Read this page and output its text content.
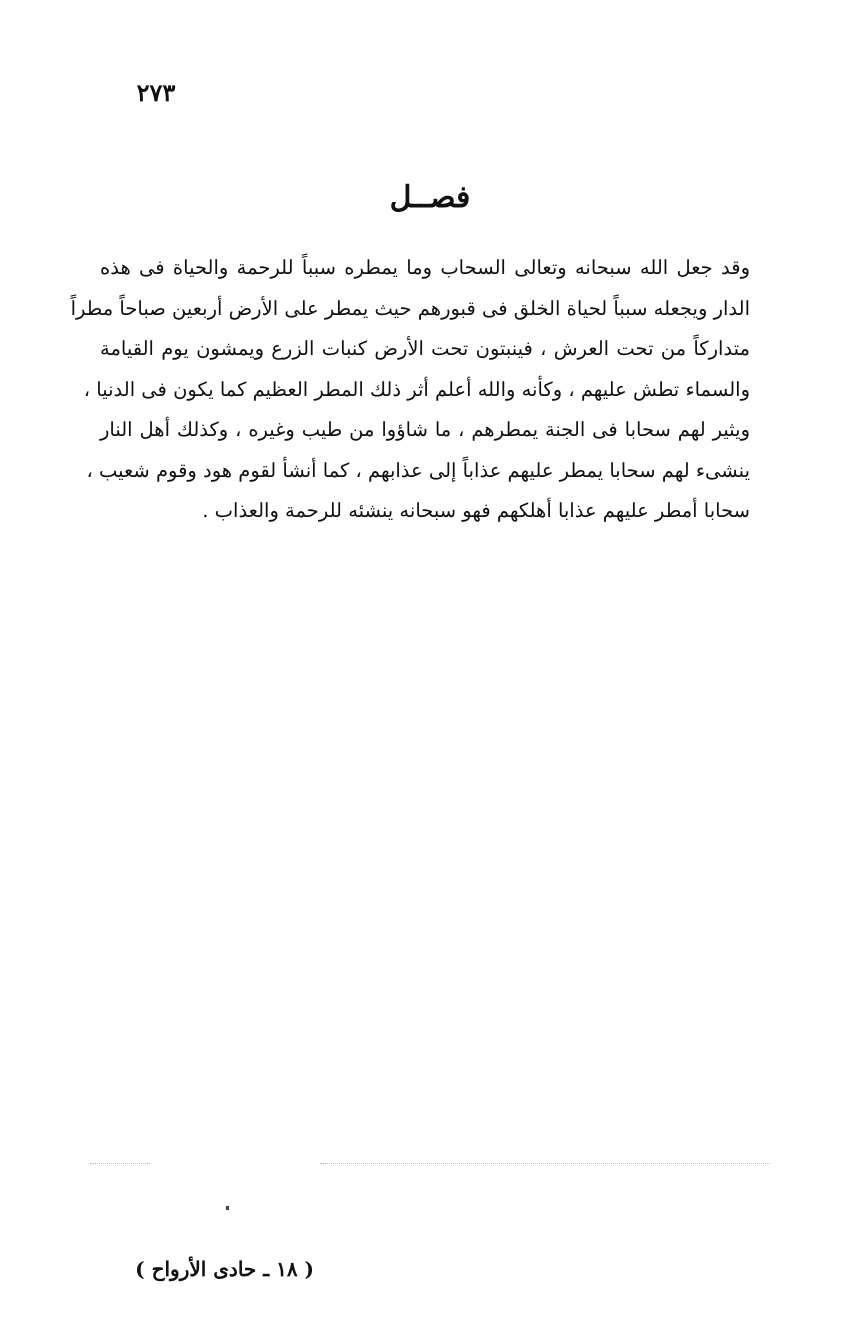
٢٧٣
فصــل
وقد جعل الله سبحانه وتعالى السحاب وما يمطره سبباً للرحمة والحياة فى هذه
الدار ويجعله سبباً لحياة الخلق فى قبورهم حيث يمطر على الأرض أربعين صباحاً مطراً
متداركاً من تحت العرش ، فينبتون تحت الأرض كنبات الزرع ويمشون يوم القيامة
والسماء تطش عليهم ، وكأنه والله أعلم أثر ذلك المطر العظيم كما يكون فى الدنيا ،
ويثير لهم سحابا فى الجنة يمطرهم ، ما شاؤوا من طيب وغيره ، وكذلك أهل النار
ينشىء لهم سحابا يمطر عليهم عذاباً إلى عذابهم ، كما أنشأ لقوم هود وقوم شعيب ،
سحابا أمطر عليهم عذابا أهلكهم فهو سبحانه ينشئه للرحمة والعذاب .
( ١٨ ـ حادى الأرواح )
